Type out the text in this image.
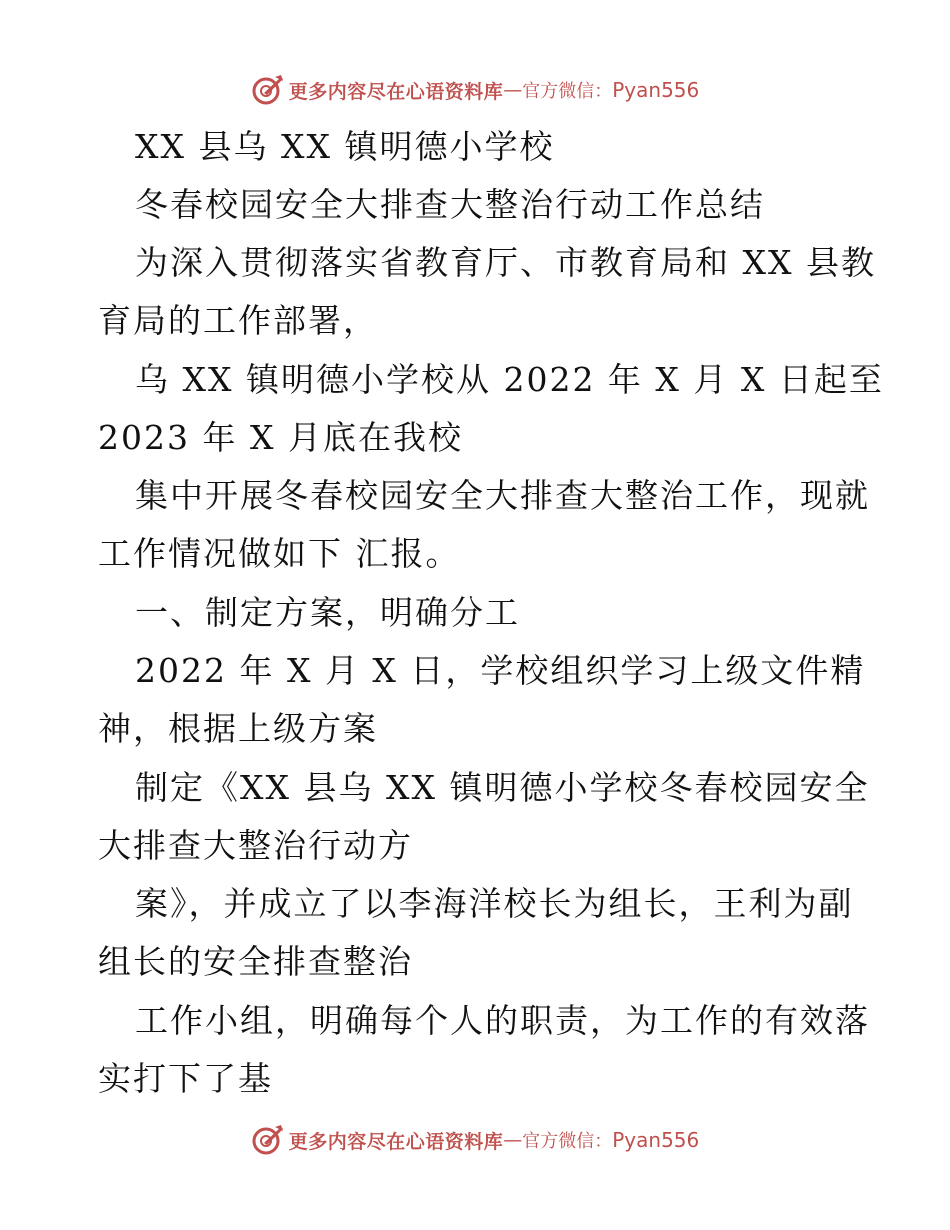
更多内容尽在心语资料库 — 官方微信： Pyan556
XX 县乌 XX 镇明德小学校
冬春校园安全大排查大整治行动工作总结
为深入贯彻落实省教育厅、市教育局和 XX 县教
育局的工作部署，
乌 XX 镇明德小学校从 2022 年 X 月 X 日起至
2023 年 X 月底在我校
集中开展冬春校园安全大排查大整治工作，现就
工作情况做如下 汇报。
一、制定方案，明确分工
2022 年 X 月 X 日，学校组织学习上级文件精
神，根据上级方案
制定《XX 县乌 XX 镇明德小学校冬春校园安全
大排查大整治行动方
案》，并成立了以李海洋校长为组长，王利为副
组长的安全排查整治
工作小组，明确每个人的职责，为工作的有效落
实打下了基
更多内容尽在心语资料库 — 官方微信： Pyan556
